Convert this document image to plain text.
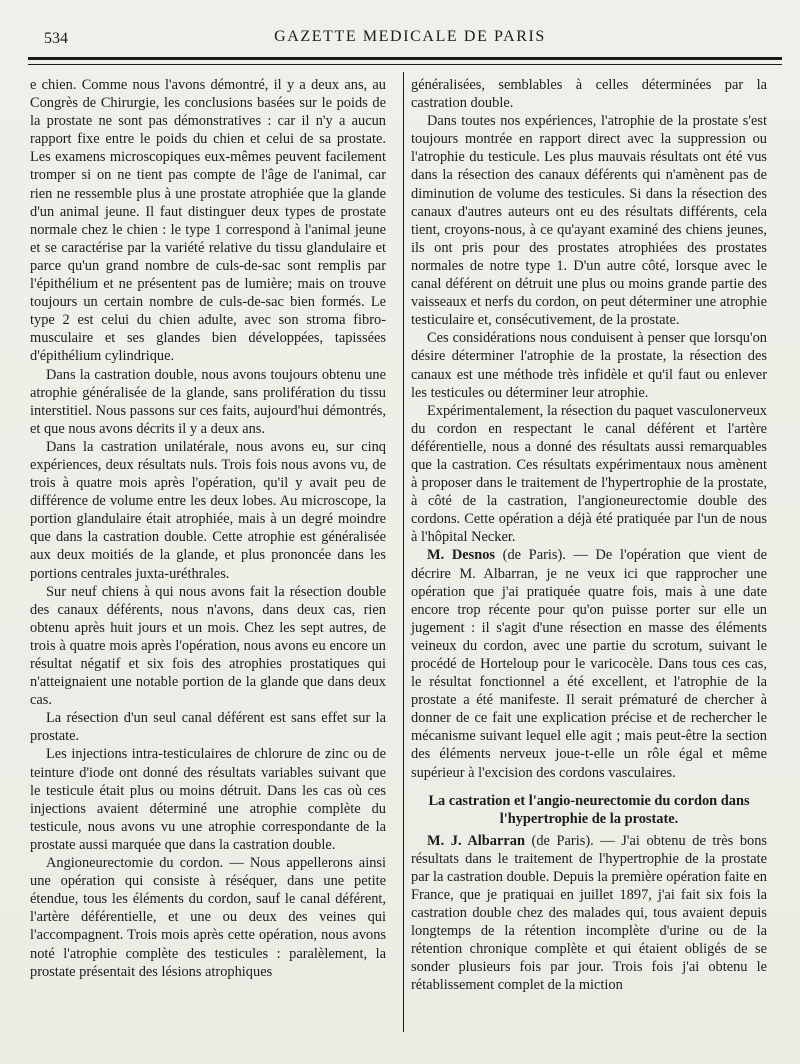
534	GAZETTE MEDICALE DE PARIS

e chien. Comme nous l'avons démontré, il y a deux ans, au Congrès de Chirurgie, les conclusions basées sur le poids de la prostate ne sont pas démonstratives : car il n'y a aucun rapport fixe entre le poids du chien et celui de sa prostate. Les examens microscopiques eux-mêmes peuvent facilement tromper si on ne tient pas compte de l'âge de l'animal, car rien ne ressemble plus à une prostate atrophiée que la glande d'un animal jeune. Il faut distinguer deux types de prostate normale chez le chien : le type 1 correspond à l'animal jeune et se caractérise par la variété relative du tissu glandulaire et parce qu'un grand nombre de culs-de-sac sont remplis par l'épithélium et ne présentent pas de lumière; mais on trouve toujours un certain nombre de culs-de-sac bien formés. Le type 2 est celui du chien adulte, avec son stroma fibro-musculaire et ses glandes bien développées, tapissées d'épithélium cylindrique.

Dans la castration double, nous avons toujours obtenu une atrophie généralisée de la glande, sans prolifération du tissu interstitiel. Nous passons sur ces faits, aujourd'hui démontrés, et que nous avons décrits il y a deux ans.

Dans la castration unilatérale, nous avons eu, sur cinq expériences, deux résultats nuls. Trois fois nous avons vu, de trois à quatre mois après l'opération, qu'il y avait peu de différence de volume entre les deux lobes. Au microscope, la portion glandulaire était atrophiée, mais à un degré moindre que dans la castration double. Cette atrophie est généralisée aux deux moitiés de la glande, et plus prononcée dans les portions centrales juxta-uréthrales.

Sur neuf chiens à qui nous avons fait la résection double des canaux déférents, nous n'avons, dans deux cas, rien obtenu après huit jours et un mois. Chez les sept autres, de trois à quatre mois après l'opération, nous avons eu encore un résultat négatif et six fois des atrophies prostatiques qui n'atteignaient une notable portion de la glande que dans deux cas.

La résection d'un seul canal déférent est sans effet sur la prostate.

Les injections intra-testiculaires de chlorure de zinc ou de teinture d'iode ont donné des résultats variables suivant que le testicule était plus ou moins détruit. Dans les cas où ces injections avaient déterminé une atrophie complète du testicule, nous avons vu une atrophie correspondante de la prostate aussi marquée que dans la castration double.

Angioneurectomie du cordon. — Nous appellerons ainsi une opération qui consiste à réséquer, dans une petite étendue, tous les éléments du cordon, sauf le canal déférent, l'artère déférentielle, et une ou deux des veines qui l'accompagnent. Trois mois après cette opération, nous avons noté l'atrophie complète des testicules : paralèlement, la prostate présentait des lésions atrophiques

généralisées, semblables à celles déterminées par la castration double.

Dans toutes nos expériences, l'atrophie de la prostate s'est toujours montrée en rapport direct avec la suppression ou l'atrophie du testicule. Les plus mauvais résultats ont été vus dans la résection des canaux déférents qui n'amènent pas de diminution de volume des testicules. Si dans la résection des canaux d'autres auteurs ont eu des résultats différents, cela tient, croyons-nous, à ce qu'ayant examiné des chiens jeunes, ils ont pris pour des prostates atrophiées des prostates normales de notre type 1. D'un autre côté, lorsque avec le canal déférent on détruit une plus ou moins grande partie des vaisseaux et nerfs du cordon, on peut déterminer une atrophie testiculaire et, consécutivement, de la prostate.

Ces considérations nous conduisent à penser que lorsqu'on désire déterminer l'atrophie de la prostate, la résection des canaux est une méthode très infidèle et qu'il faut ou enlever les testicules ou déterminer leur atrophie.

Expérimentalement, la résection du paquet vasculonerveux du cordon en respectant le canal déférent et l'artère déférentielle, nous a donné des résultats aussi remarquables que la castration. Ces résultats expérimentaux nous amènent à proposer dans le traitement de l'hypertrophie de la prostate, à côté de la castration, l'angioneurectomie double des cordons. Cette opération a déjà été pratiquée par l'un de nous à l'hôpital Necker.

M. Desnos (de Paris). — De l'opération que vient de décrire M. Albarran, je ne veux ici que rapprocher une opération que j'ai pratiquée quatre fois, mais à une date encore trop récente pour qu'on puisse porter sur elle un jugement : il s'agit d'une résection en masse des éléments veineux du cordon, avec une partie du scrotum, suivant le procédé de Horteloup pour le varicocèle. Dans tous ces cas, le résultat fonctionnel a été excellent, et l'atrophie de la prostate a été manifeste. Il serait prématuré de chercher à donner de ce fait une explication précise et de rechercher le mécanisme suivant lequel elle agit ; mais peut-être la section des éléments nerveux joue-t-elle un rôle égal et même supérieur à l'excision des cordons vasculaires.

La castration et l'angio-neurectomie du cordon dans l'hypertrophie de la prostate.

M. J. Albarran (de Paris). — J'ai obtenu de très bons résultats dans le traitement de l'hypertrophie de la prostate par la castration double. Depuis la première opération faite en France, que je pratiquai en juillet 1897, j'ai fait six fois la castration double chez des malades qui, tous avaient depuis longtemps de la rétention incomplète d'urine ou de la rétention chronique complète et qui étaient obligés de se sonder plusieurs fois par jour. Trois fois j'ai obtenu le rétablissement complet de la miction
